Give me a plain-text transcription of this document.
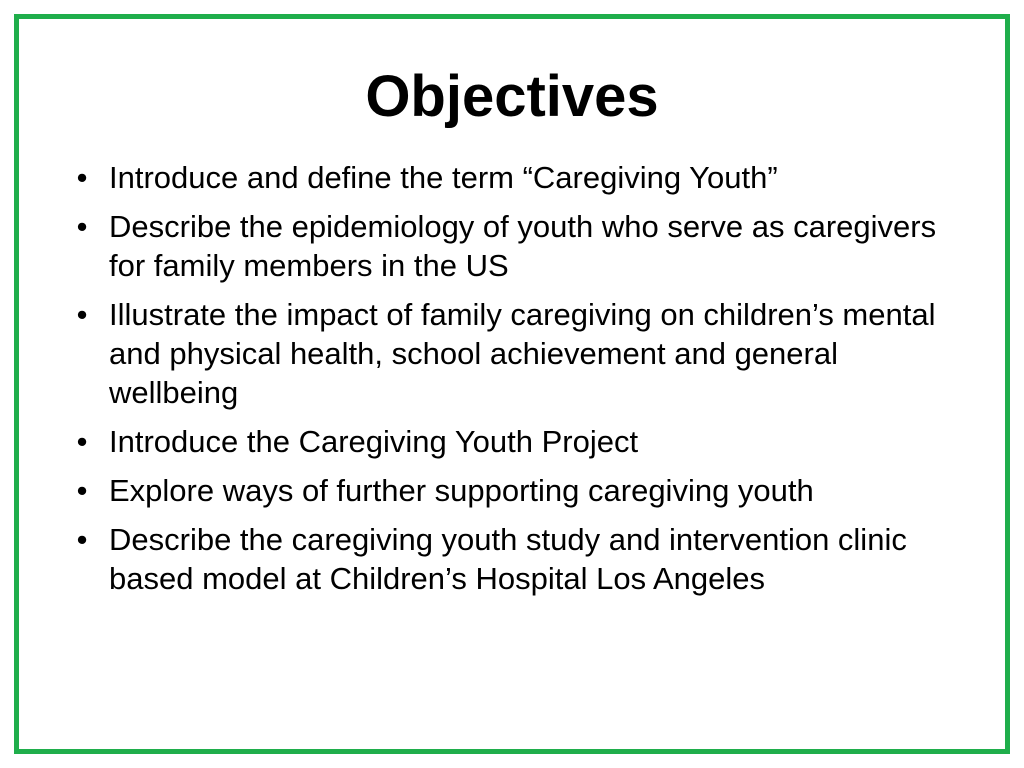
Objectives
• Introduce and define the term “Caregiving Youth”
• Describe the epidemiology of youth who serve as caregivers for family members in the US
• Illustrate the impact of family caregiving on children’s mental and physical health, school achievement and general wellbeing
• Introduce the Caregiving Youth Project
• Explore ways of further supporting caregiving youth
• Describe the caregiving youth study and intervention clinic based model at Children’s Hospital Los Angeles
